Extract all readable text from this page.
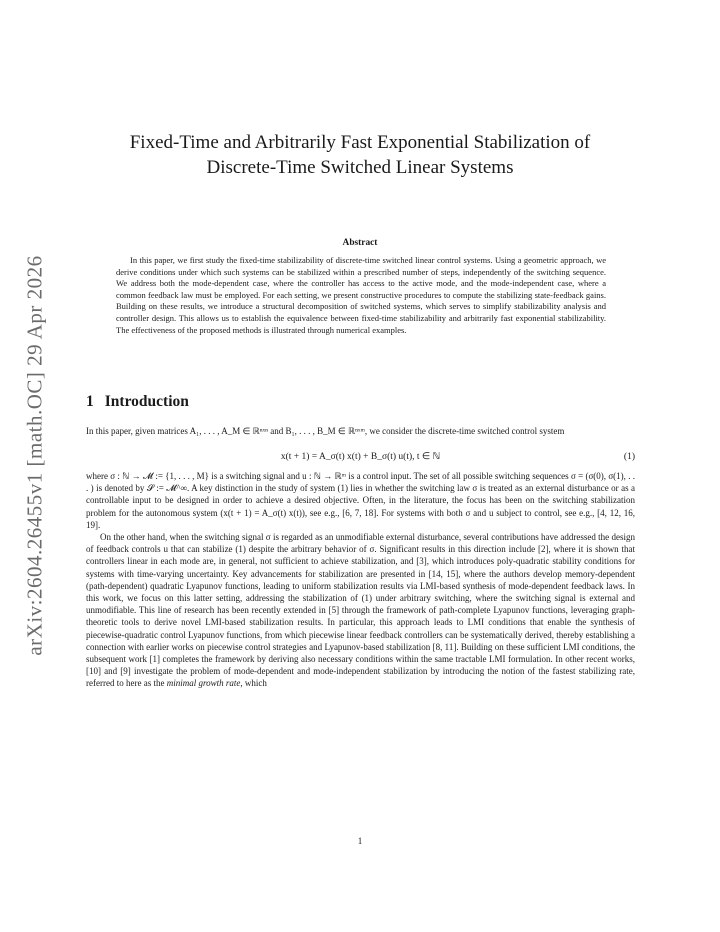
arXiv:2604.26455v1 [math.OC] 29 Apr 2026
Fixed-Time and Arbitrarily Fast Exponential Stabilization of
Discrete-Time Switched Linear Systems
Abstract
In this paper, we first study the fixed-time stabilizability of discrete-time switched linear control systems. Using a geometric approach, we derive conditions under which such systems can be stabilized within a prescribed number of steps, independently of the switching sequence. We address both the mode-dependent case, where the controller has access to the active mode, and the mode-independent case, where a common feedback law must be employed. For each setting, we present constructive procedures to compute the stabilizing state-feedback gains. Building on these results, we introduce a structural decomposition of switched systems, which serves to simplify stabilizability analysis and controller design. This allows us to establish the equivalence between fixed-time stabilizability and arbitrarily fast exponential stabilizability. The effectiveness of the proposed methods is illustrated through numerical examples.
1 Introduction
In this paper, given matrices A₁, . . . , A_M ∈ ℝⁿˣⁿ and B₁, . . . , B_M ∈ ℝⁿˣᵐ, we consider the discrete-time switched control system
x(t + 1) = A_σ(t) x(t) + B_σ(t) u(t), t ∈ ℕ	(1)

where σ : ℕ → 𝓜 := {1, . . . , M} is a switching signal and u : ℕ → ℝᵐ is a control input. The set of all possible switching sequences σ = (σ(0), σ(1), . . . ) is denoted by 𝓢 := 𝓜^∞. A key distinction in the study of system (1) lies in whether the switching law σ is treated as an external disturbance or as a controllable input to be designed in order to achieve a desired objective. Often, in the literature, the focus has been on the switching stabilization problem for the autonomous system (x(t + 1) = A_σ(t) x(t)), see e.g., [6, 7, 18]. For systems with both σ and u subject to control, see e.g., [4, 12, 16, 19].

On the other hand, when the switching signal σ is regarded as an unmodifiable external disturbance, several contributions have addressed the design of feedback controls u that can stabilize (1) despite the arbitrary behavior of σ. Significant results in this direction include [2], where it is shown that controllers linear in each mode are, in general, not sufficient to achieve stabilization, and [3], which introduces poly-quadratic stability conditions for systems with time-varying uncertainty. Key advancements for stabilization are presented in [14, 15], where the authors develop memory-dependent (path-dependent) quadratic Lyapunov functions, leading to uniform stabilization results via LMI-based synthesis of mode-dependent feedback laws. In this work, we focus on this latter setting, addressing the stabilization of (1) under arbitrary switching, where the switching signal is external and unmodifiable. This line of research has been recently extended in [5] through the framework of path-complete Lyapunov functions, leveraging graph-theoretic tools to derive novel LMI-based stabilization results. In particular, this approach leads to LMI conditions that enable the synthesis of piecewise-quadratic control Lyapunov functions, from which piecewise linear feedback controllers can be systematically derived, thereby establishing a connection with earlier works on piecewise control strategies and Lyapunov-based stabilization [8, 11]. Building on these sufficient LMI conditions, the subsequent work [1] completes the framework by deriving also necessary conditions within the same tractable LMI formulation. In other recent works, [10] and [9] investigate the problem of mode-dependent and mode-independent stabilization by introducing the notion of the fastest stabilizing rate, referred to here as the minimal growth rate, which

1
